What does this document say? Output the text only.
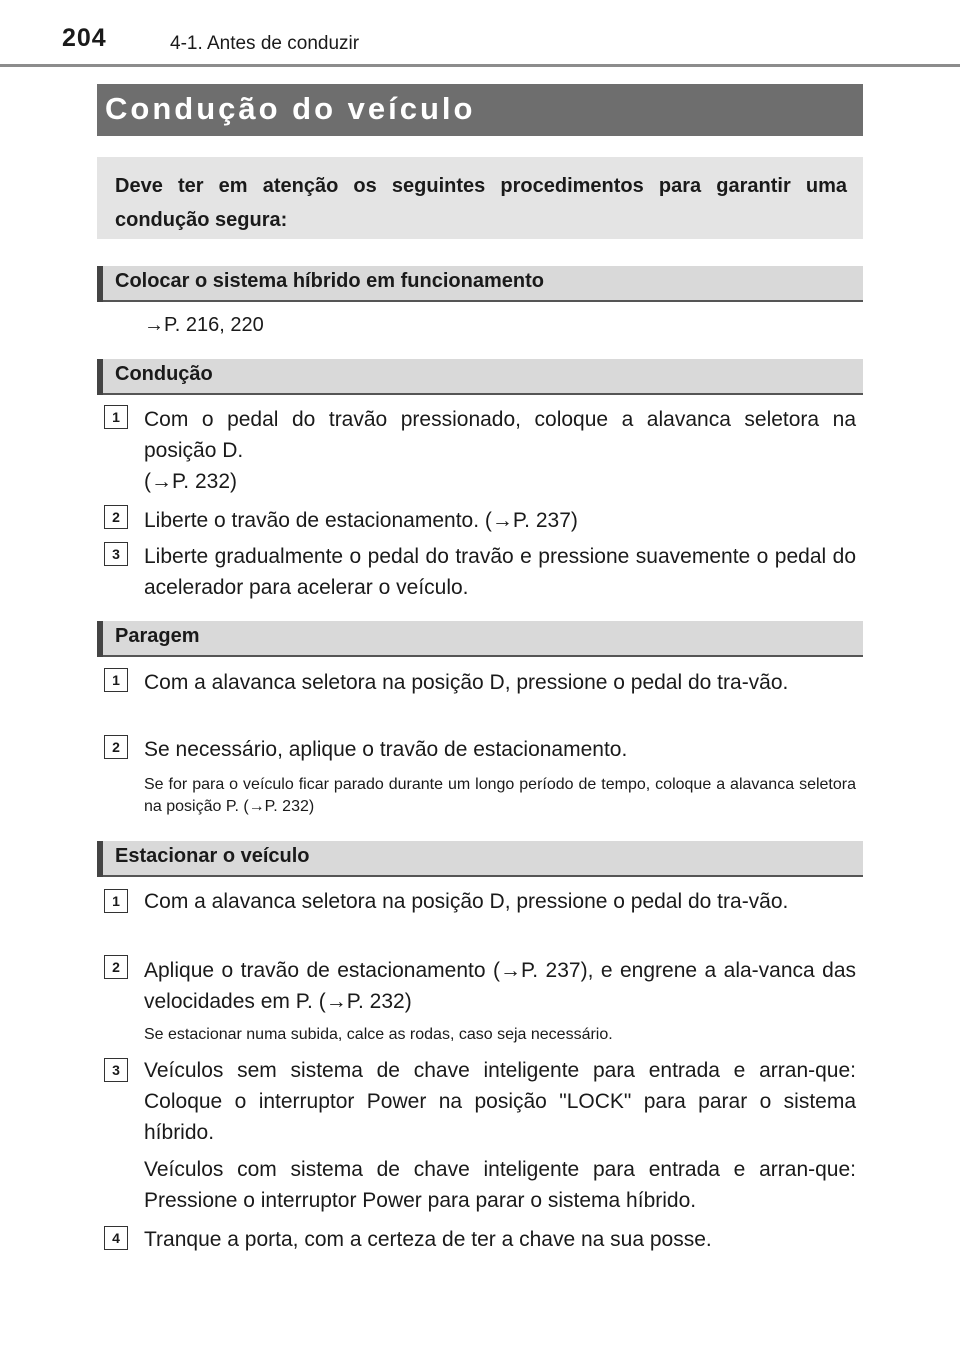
204	4-1. Antes de conduzir
Condução do veículo
Deve ter em atenção os seguintes procedimentos para garantir uma condução segura:
Colocar o sistema híbrido em funcionamento
→P. 216, 220
Condução
1	Com o pedal do travão pressionado, coloque a alavanca seletora na posição D.
(→P. 232)
2	Liberte o travão de estacionamento. (→P. 237)
3	Liberte gradualmente o pedal do travão e pressione suavemente o pedal do acelerador para acelerar o veículo.
Paragem
1	Com a alavanca seletora na posição D, pressione o pedal do tra-vão.
2	Se necessário, aplique o travão de estacionamento.
Se for para o veículo ficar parado durante um longo período de tempo, coloque a alavanca seletora na posição P. (→P. 232)
Estacionar o veículo
1	Com a alavanca seletora na posição D, pressione o pedal do tra-vão.
2	Aplique o travão de estacionamento (→P. 237), e engrene a ala-vanca das velocidades em P. (→P. 232)
Se estacionar numa subida, calce as rodas, caso seja necessário.
3	Veículos sem sistema de chave inteligente para entrada e arran-que: Coloque o interruptor Power na posição "LOCK" para parar o sistema híbrido.
Veículos com sistema de chave inteligente para entrada e arran-que: Pressione o interruptor Power para parar o sistema híbrido.
4	Tranque a porta, com a certeza de ter a chave na sua posse.
